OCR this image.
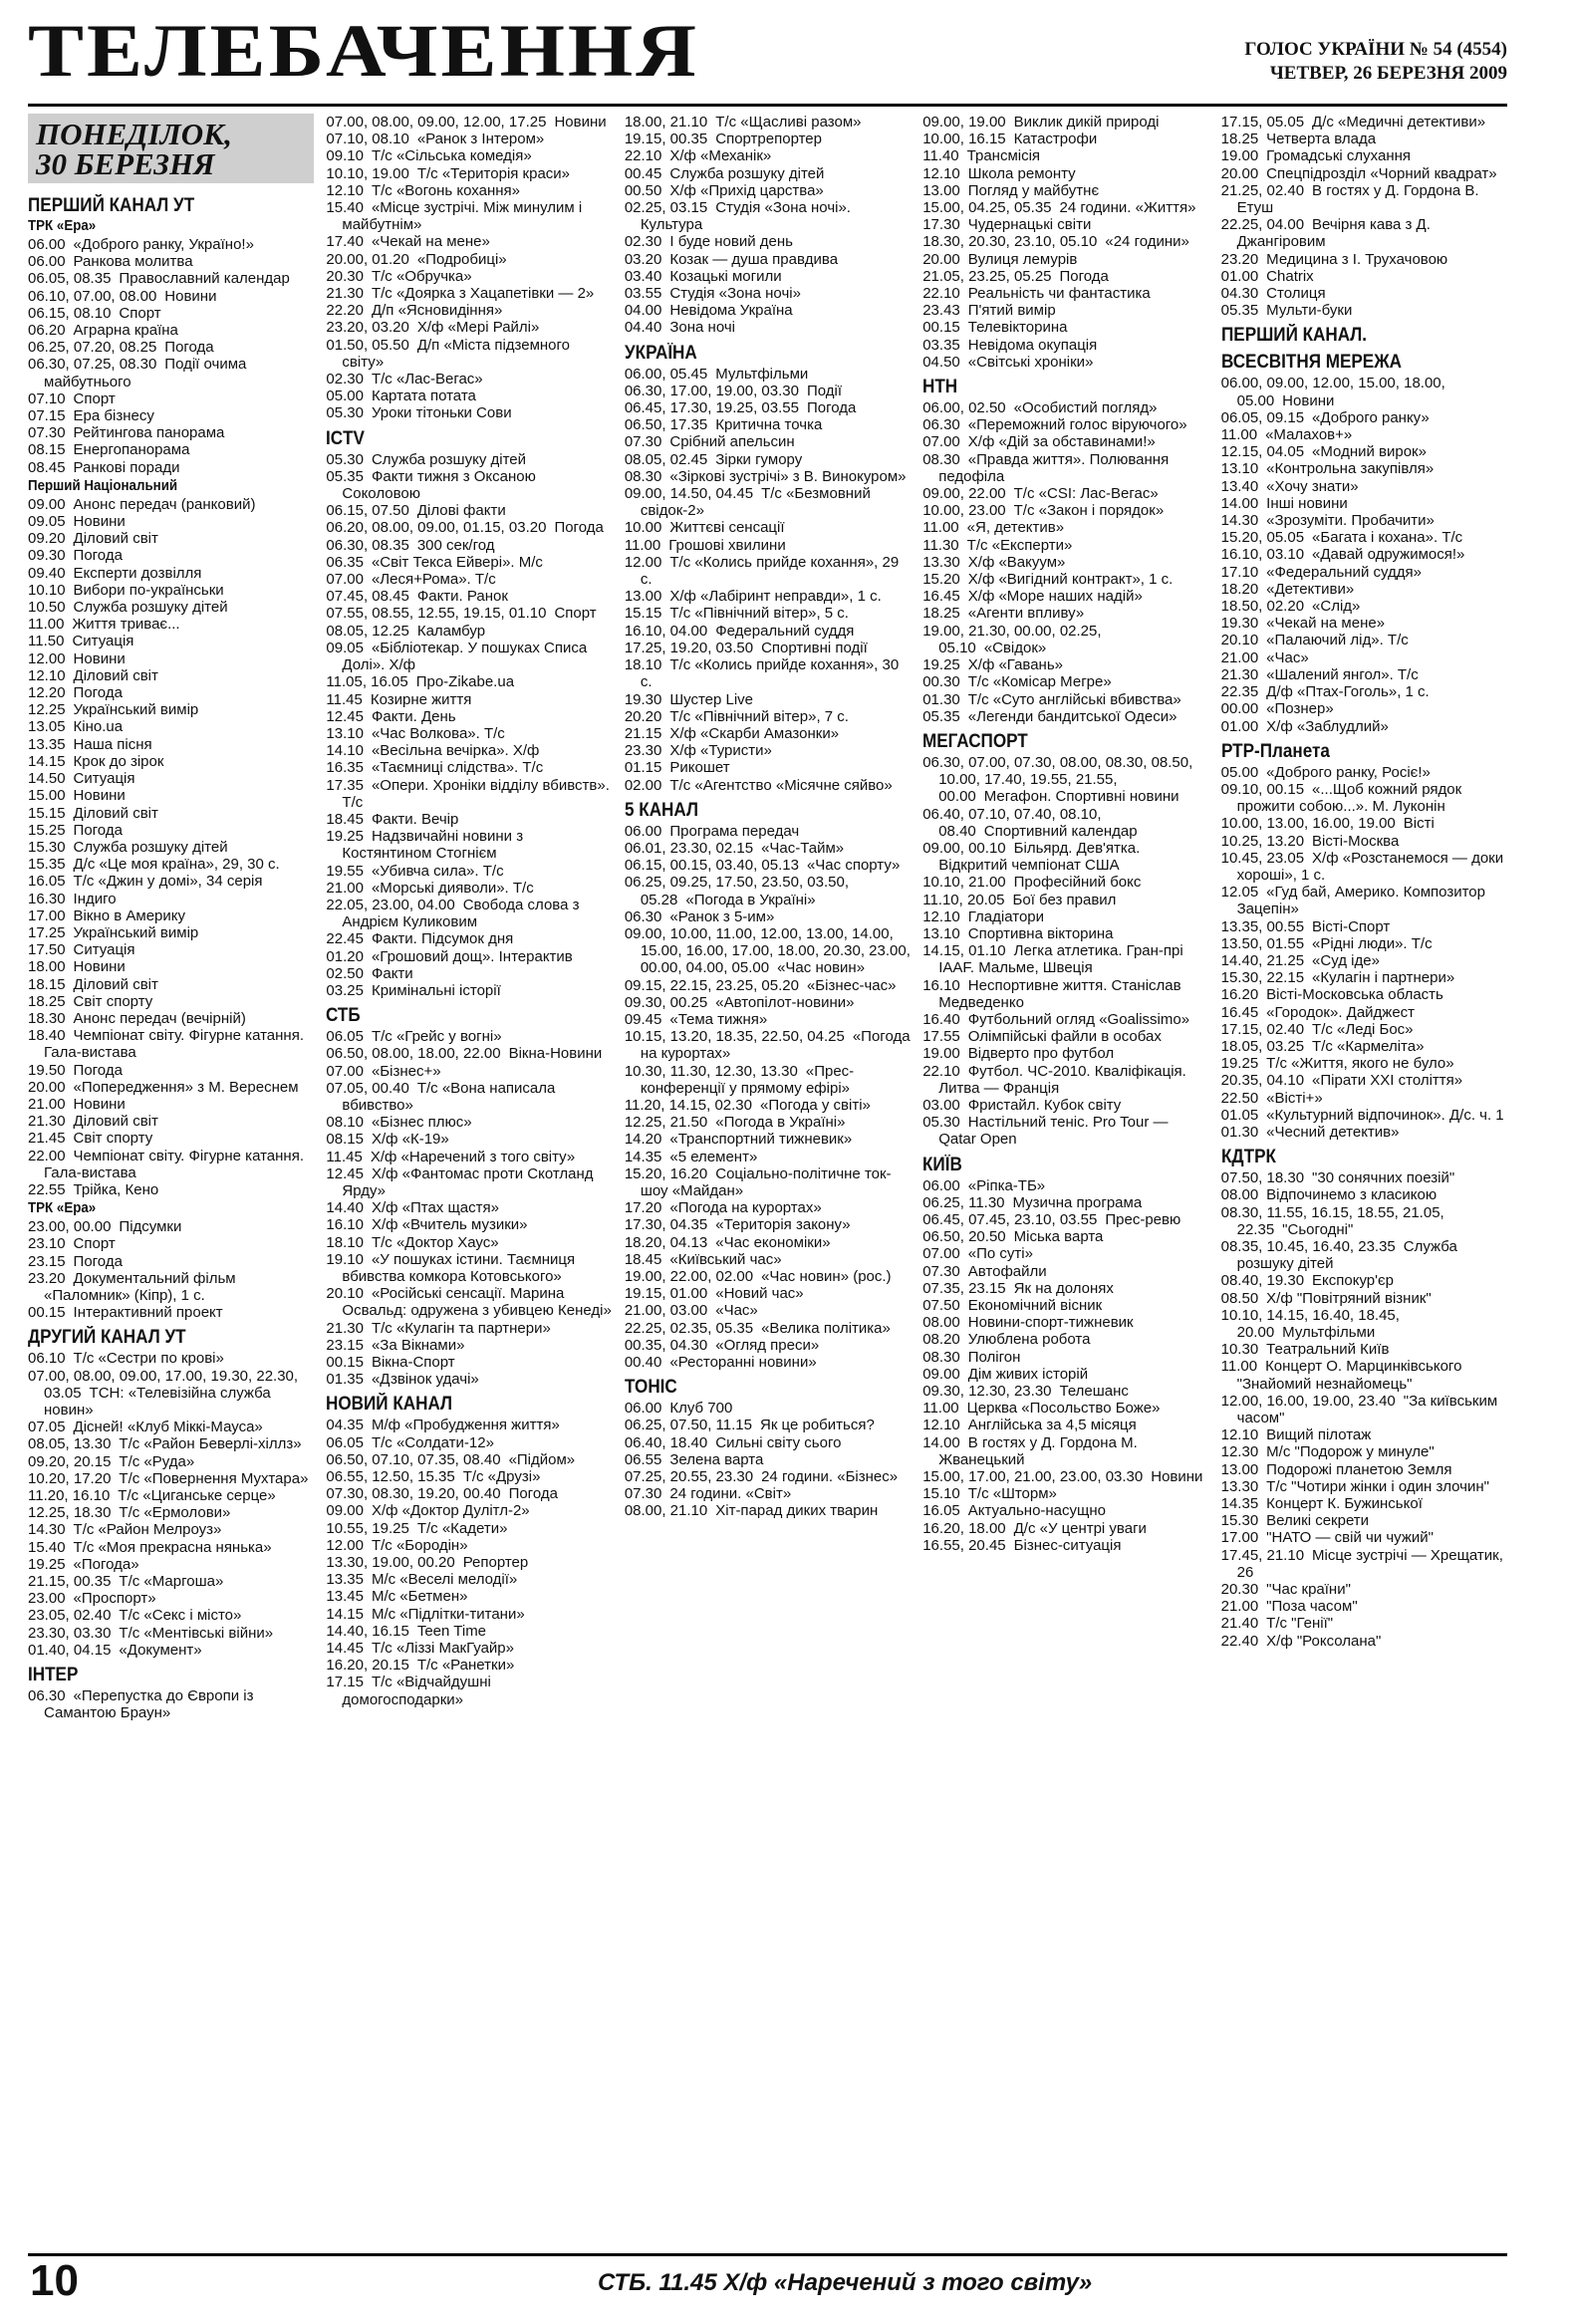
ТЕЛЕБАЧЕННЯ	ГОЛОС УКРАЇНИ № 54 (4554)
ЧЕТВЕР, 26 БЕРЕЗНЯ 2009
ПОНЕДІЛОК,
30 БЕРЕЗНЯ
ПЕРШИЙ КАНАЛ УТ
ТРК «Ера»
06.00 «Доброго ранку, Україно!»
06.00 Ранкова молитва
06.05, 08.35 Православний календар
06.10, 07.00, 08.00 Новини
06.15, 08.10 Спорт
06.20 Аграрна країна
06.25, 07.20, 08.25 Погода
06.30, 07.25, 08.30 Події очима майбутнього
07.10 Спорт
07.15 Ера бізнесу
07.30 Рейтингова панорама
08.15 Енергопанорама
08.45 Ранкові поради
Перший Національний
09.00 Анонс передач (ранковий)
09.05 Новини
09.20 Діловий світ
09.30 Погода
09.40 Експерти дозвілля
10.10 Вибори по-українськи
10.50 Служба розшуку дітей
11.00 Життя триває...
11.50 Ситуація
12.00 Новини
12.10 Діловий світ
12.20 Погода
12.25 Український вимір
13.05 Кіно.ua
13.35 Наша пісня
14.15 Крок до зірок
14.50 Ситуація
15.00 Новини
15.15 Діловий світ
15.25 Погода
15.30 Служба розшуку дітей
15.35 Д/с «Це моя країна», 29, 30 с.
16.05 Т/с «Джин у домі», 34 серія
16.30 Індиго
17.00 Вікно в Америку
17.25 Український вимір
17.50 Ситуація
18.00 Новини
18.15 Діловий світ
18.25 Світ спорту
18.30 Анонс передач (вечірній)
18.40 Чемпіонат світу. Фігурне катання. Гала-вистава
19.50 Погода
20.00 «Попередження» з М. Вереснем
21.00 Новини
21.30 Діловий світ
21.45 Світ спорту
22.00 Чемпіонат світу. Фігурне катання. Гала-вистава
22.55 Трійка, Кено
ТРК «Ера»
23.00, 00.00 Підсумки
23.10 Спорт
23.15 Погода
23.20 Документальний фільм «Паломник» (Кіпр), 1 с.
00.15 Інтерактивний проект
ДРУГИЙ КАНАЛ УТ
06.10 Т/с «Сестри по крові»
07.00, 08.00, 09.00, 17.00, 19.30, 22.30, 03.05 ТСН: «Телевізійна служба новин»
07.05 Дісней! «Клуб Міккі-Мауса»
08.05, 13.30 Т/с «Район Беверлі-хіллз»
09.20, 20.15 Т/с «Руда»
10.20, 17.20 Т/с «Повернення Мухтара»
11.20, 16.10 Т/с «Циганське серце»
12.25, 18.30 Т/с «Ермолови»
14.30 Т/с «Район Мелроуз»
15.40 Т/с «Моя прекрасна нянька»
19.25 «Погода»
21.15, 00.35 Т/с «Маргоша»
23.00 «Проспорт»
23.05, 02.40 Т/с «Секс і місто»
23.30, 03.30 Т/с «Ментівські війни»
01.40, 04.15 «Документ»
ІНТЕР
06.30 «Перепустка до Європи із Самантою Браун»
07.00, 08.00, 09.00, 12.00, 17.25 Новини
07.10, 08.10 «Ранок з Інтером»
09.10 Т/с «Сільська комедія»
10.10, 19.00 Т/с «Територія краси»
12.10 Т/с «Вогонь кохання»
15.40 «Місце зустрічі. Між минулим і майбутнім»
17.40 «Чекай на мене»
20.00, 01.20 «Подробиці»
20.30 Т/с «Обручка»
21.30 Т/с «Доярка з Хацапетівки — 2»
22.20 Д/п «Ясновидіння»
23.20, 03.20 Х/ф «Мері Райлі»
01.50, 05.50 Д/п «Міста підземного світу»
02.30 Т/с «Лас-Вегас»
05.00 Картата потата
05.30 Уроки тітоньки Сови
ICTV
05.30 Служба розшуку дітей
05.35 Факти тижня з Оксаною Соколовою
06.15, 07.50 Ділові факти
06.20, 08.00, 09.00, 01.15, 03.20 Погода
06.30, 08.35 300 сек/год
06.35 «Світ Текса Ейвері». М/с
07.00 «Леся+Рома». Т/с
07.45, 08.45 Факти. Ранок
07.55, 08.55, 12.55, 19.15, 01.10 Спорт
08.05, 12.25 Каламбур
09.05 «Бібліотекар. У пошуках Списа Долі». Х/ф
11.05, 16.05 Про-Zikabe.ua
11.45 Козирне життя
12.45 Факти. День
13.10 «Час Волкова». Т/с
14.10 «Весільна вечірка». Х/ф
16.35 «Таємниці слідства». Т/с
17.35 «Опери. Хроніки відділу вбивств». Т/с
18.45 Факти. Вечір
19.25 Надзвичайні новини з Костянтином Стогнієм
19.55 «Убивча сила». Т/с
21.00 «Морські дияволи». Т/с
22.05, 23.00, 04.00 Свобода слова з Андрієм Куликовим
22.45 Факти. Підсумок дня
01.20 «Грошовий дощ». Інтерактив
02.50 Факти
03.25 Кримінальні історії
СТБ
06.05 Т/с «Грейс у вогні»
06.50, 08.00, 18.00, 22.00 Вікна-Новини
07.00 «Бізнес+»
07.05, 00.40 Т/с «Вона написала вбивство»
08.10 «Бізнес плюс»
08.15 Х/ф «К-19»
11.45 Х/ф «Наречений з того світу»
12.45 Х/ф «Фантомас проти Скотланд Ярду»
14.40 Х/ф «Птах щастя»
16.10 Х/ф «Вчитель музики»
18.10 Т/с «Доктор Хаус»
19.10 «У пошуках істини. Таємниця вбивства комкора Котовського»
20.10 «Російські сенсації. Марина Освальд: одружена з убивцею Кенеді»
21.30 Т/с «Кулагін та партнери»
23.15 «За Вікнами»
00.15 Вікна-Спорт
01.35 «Дзвінок удачі»
НОВИЙ КАНАЛ
04.35 М/ф «Пробудження життя»
06.05 Т/с «Солдати-12»
06.50, 07.10, 07.35, 08.40 «Підйом»
06.55, 12.50, 15.35 Т/с «Друзі»
07.30, 08.30, 19.20, 00.40 Погода
09.00 Х/ф «Доктор Дулітл-2»
10.55, 19.25 Т/с «Кадети»
12.00 Т/с «Бородін»
13.30, 19.00, 00.20 Репортер
13.35 М/с «Веселі мелодії»
13.45 М/с «Бетмен»
14.15 М/с «Підлітки-титани»
14.40, 16.15 Teen Time
14.45 Т/с «Ліззі МакГуайр»
16.20, 20.15 Т/с «Ранетки»
17.15 Т/с «Відчайдушні домогосподарки»
18.00, 21.10 Т/с «Щасливі разом»
19.15, 00.35 Спортрепортер
22.10 Х/ф «Механік»
00.45 Служба розшуку дітей
00.50 Х/ф «Прихід царства»
02.25, 03.15 Студія «Зона ночі». Культура
02.30 І буде новий день
03.20 Козак — душа правдива
03.40 Козацькі могили
03.55 Студія «Зона ночі»
04.00 Невідома Україна
04.40 Зона ночі
УКРАЇНА
06.00, 05.45 Мультфільми
06.30, 17.00, 19.00, 03.30 Події
06.45, 17.30, 19.25, 03.55 Погода
06.50, 17.35 Критична точка
07.30 Срібний апельсин
08.05, 02.45 Зірки гумору
08.30 «Зіркові зустрічі» з В. Винокуром»
09.00, 14.50, 04.45 Т/с «Безмовний свідок-2»
10.00 Життєві сенсації
11.00 Грошові хвилини
12.00 Т/с «Колись прийде кохання», 29 с.
13.00 Х/ф «Лабіринт неправди», 1 с.
15.15 Т/с «Північний вітер», 5 с.
16.10, 04.00 Федеральний суддя
17.25, 19.20, 03.50 Спортивні події
18.10 Т/с «Колись прийде кохання», 30 с.
19.30 Шустер Live
20.20 Т/с «Північний вітер», 7 с.
21.15 Х/ф «Скарби Амазонки»
23.30 Х/ф «Туристи»
01.15 Рикошет
02.00 Т/с «Агентство «Місячне сяйво»
5 КАНАЛ
06.00 Програма передач
06.01, 23.30, 02.15 «Час-Тайм»
06.15, 00.15, 03.40, 05.13 «Час спорту»
06.25, 09.25, 17.50, 23.50, 03.50, 05.28 «Погода в Україні»
06.30 «Ранок з 5-им»
09.00, 10.00, 11.00, 12.00, 13.00, 14.00, 15.00, 16.00, 17.00, 18.00, 20.30, 23.00, 00.00, 04.00, 05.00 «Час новин»
09.15, 22.15, 23.25, 05.20 «Бізнес-час»
09.30, 00.25 «Автопілот-новини»
09.45 «Тема тижня»
10.15, 13.20, 18.35, 22.50, 04.25 «Погода на курортах»
10.30, 11.30, 12.30, 13.30 «Прес-конференції у прямому ефірі»
11.20, 14.15, 02.30 «Погода у світі»
12.25, 21.50 «Погода в Україні»
14.20 «Транспортний тижневик»
14.35 «5 елемент»
15.20, 16.20 Соціально-політичне ток-шоу «Майдан»
17.20 «Погода на курортах»
17.30, 04.35 «Територія закону»
18.20, 04.13 «Час економіки»
18.45 «Київський час»
19.00, 22.00, 02.00 «Час новин» (рос.)
19.15, 01.00 «Новий час»
21.00, 03.00 «Час»
22.25, 02.35, 05.35 «Велика політика»
00.35, 04.30 «Огляд преси»
00.40 «Ресторанні новини»
ТОНІС
06.00 Клуб 700
06.25, 07.50, 11.15 Як це робиться?
06.40, 18.40 Сильні світу сього
06.55 Зелена варта
07.25, 20.55, 23.30 24 години. «Бізнес»
07.30 24 години. «Світ»
08.00, 21.10 Хіт-парад диких тварин
09.00, 19.00 Виклик дикій природі
10.00, 16.15 Катастрофи
11.40 Трансмісія
12.10 Школа ремонту
13.00 Погляд у майбутнє
15.00, 04.25, 05.35 24 години. «Життя»
17.30 Чудернацькі світи
18.30, 20.30, 23.10, 05.10 «24 години»
20.00 Вулиця лемурів
21.05, 23.25, 05.25 Погода
22.10 Реальність чи фантастика
23.43 П'ятий вимір
00.15 Телевікторина
03.35 Невідома окупація
04.50 «Світські хроніки»
НТН
06.00, 02.50 «Особистий погляд»
06.30 «Переможний голос віруючого»
07.00 Х/ф «Дій за обставинами!»
08.30 «Правда життя». Полювання педофіла
09.00, 22.00 Т/с «CSI: Лас-Вегас»
10.00, 23.00 Т/с «Закон і порядок»
11.00 «Я, детектив»
11.30 Т/с «Експерти»
13.30 Х/ф «Вакуум»
15.20 Х/ф «Вигідний контракт», 1 с.
16.45 Х/ф «Море наших надій»
18.25 «Агенти впливу»
19.00, 21.30, 00.00, 02.25, 05.10 «Свідок»
19.25 Х/ф «Гавань»
00.30 Т/с «Комісар Мегре»
01.30 Т/с «Суто англійські вбивства»
05.35 «Легенди бандитської Одеси»
МЕГАСПОРТ
06.30, 07.00, 07.30, 08.00, 08.30, 08.50, 10.00, 17.40, 19.55, 21.55, 00.00 Мегафон. Спортивні новини
06.40, 07.10, 07.40, 08.10, 08.40 Спортивний календар
09.00, 00.10 Більярд. Дев'ятка. Відкритий чемпіонат США
10.10, 21.00 Професійний бокс
11.10, 20.05 Бої без правил
12.10 Гладіатори
13.10 Спортивна вікторина
14.15, 01.10 Легка атлетика. Гран-прі IAAF. Мальме, Швеція
16.10 Неспортивне життя. Станіслав Медведенко
16.40 Футбольний огляд «Goalissimo»
17.55 Олімпійські файли в особах
19.00 Відверто про футбол
22.10 Футбол. ЧС-2010. Кваліфікація. Литва — Франція
03.00 Фристайл. Кубок світу
05.30 Настільний теніс. Pro Tour — Qatar Open
КИЇВ
06.00 «Ріпка-ТБ»
06.25, 11.30 Музична програма
06.45, 07.45, 23.10, 03.55 Прес-ревю
06.50, 20.50 Міська варта
07.00 «По суті»
07.30 Автофайли
07.35, 23.15 Як на долонях
07.50 Економічний вісник
08.00 Новини-спорт-тижневик
08.20 Улюблена робота
08.30 Полігон
09.00 Дім живих історій
09.30, 12.30, 23.30 Телешанс
11.00 Церква «Посольство Боже»
12.10 Англійська за 4,5 місяця
14.00 В гостях у Д. Гордона М. Жванецький
15.00, 17.00, 21.00, 23.00, 03.30 Новини
15.10 Т/с «Шторм»
16.05 Актуально-насущно
16.20, 18.00 Д/с «У центрі уваги
16.55, 20.45 Бізнес-ситуація
17.15, 05.05 Д/с «Медичні детективи»
18.25 Четверта влада
19.00 Громадські слухання
20.00 Спецпідрозділ «Чорний квадрат»
21.25, 02.40 В гостях у Д. Гордона В. Етуш
22.25, 04.00 Вечірня кава з Д. Джангіровим
23.20 Медицина з І. Трухачовою
01.00 Chatrix
04.30 Столиця
05.35 Мульти-буки
ПЕРШИЙ КАНАЛ.
ВСЕСВІТНЯ МЕРЕЖА
06.00, 09.00, 12.00, 15.00, 18.00, 05.00 Новини
06.05, 09.15 «Доброго ранку»
11.00 «Малахов+»
12.15, 04.05 «Модний вирок»
13.10 «Контрольна закупівля»
13.40 «Хочу знати»
14.00 Інші новини
14.30 «Зрозуміти. Пробачити»
15.20, 05.05 «Багата і кохана». Т/с
16.10, 03.10 «Давай одружимося!»
17.10 «Федеральний суддя»
18.20 «Детективи»
18.50, 02.20 «Слід»
19.30 «Чекай на мене»
20.10 «Палаючий лід». Т/с
21.00 «Час»
21.30 «Шалений янгол». Т/с
22.35 Д/ф «Птах-Гоголь», 1 с.
00.00 «Познер»
01.00 Х/ф «Заблудлий»
РТР-Планета
05.00 «Доброго ранку, Росіє!»
09.10, 00.15 «...Щоб кожний рядок прожити собою...». М. Луконін
10.00, 13.00, 16.00, 19.00 Вісті
10.25, 13.20 Вісті-Москва
10.45, 23.05 Х/ф «Розстанемося — доки хороші», 1 с.
12.05 «Гуд бай, Америко. Композитор Зацепін»
13.35, 00.55 Вісті-Спорт
13.50, 01.55 «Рідні люди». Т/с
14.40, 21.25 «Суд іде»
15.30, 22.15 «Кулагін і партнери»
16.20 Вісті-Московська область
16.45 «Городок». Дайджест
17.15, 02.40 Т/с «Леді Бос»
18.05, 03.25 Т/с «Кармеліта»
19.25 Т/с «Життя, якого не було»
20.35, 04.10 «Пірати XXI століття»
22.50 «Вісті+»
01.05 «Культурний відпочинок». Д/с. ч. 1
01.30 «Чесний детектив»
КДТРК
07.50, 18.30 "30 сонячних поезій"
08.00 Відпочинемо з класикою
08.30, 11.55, 16.15, 18.55, 21.05, 22.35 "Сьогодні"
08.35, 10.45, 16.40, 23.35 Служба розшуку дітей
08.40, 19.30 Експокур'єр
08.50 Х/ф "Повітряний візник"
10.10, 14.15, 16.40, 18.45, 20.00 Мультфільми
10.30 Театральний Київ
11.00 Концерт О. Марцинківського "Знайомий незнайомець"
12.00, 16.00, 19.00, 23.40 "За київським часом"
12.10 Вищий пілотаж
12.30 М/с "Подорож у минуле"
13.00 Подорожі планетою Земля
13.30 Т/с "Чотири жінки і один злочин"
14.35 Концерт К. Бужинської
15.30 Великі секрети
17.00 "НАТО — свій чи чужий"
17.45, 21.10 Місце зустрічі — Хрещатик, 26
20.30 "Час країни"
21.00 "Поза часом"
21.40 Т/с "Генії"
22.40 Х/ф "Роксолана"
10	СТБ. 11.45 Х/ф «Наречений з того світу»
